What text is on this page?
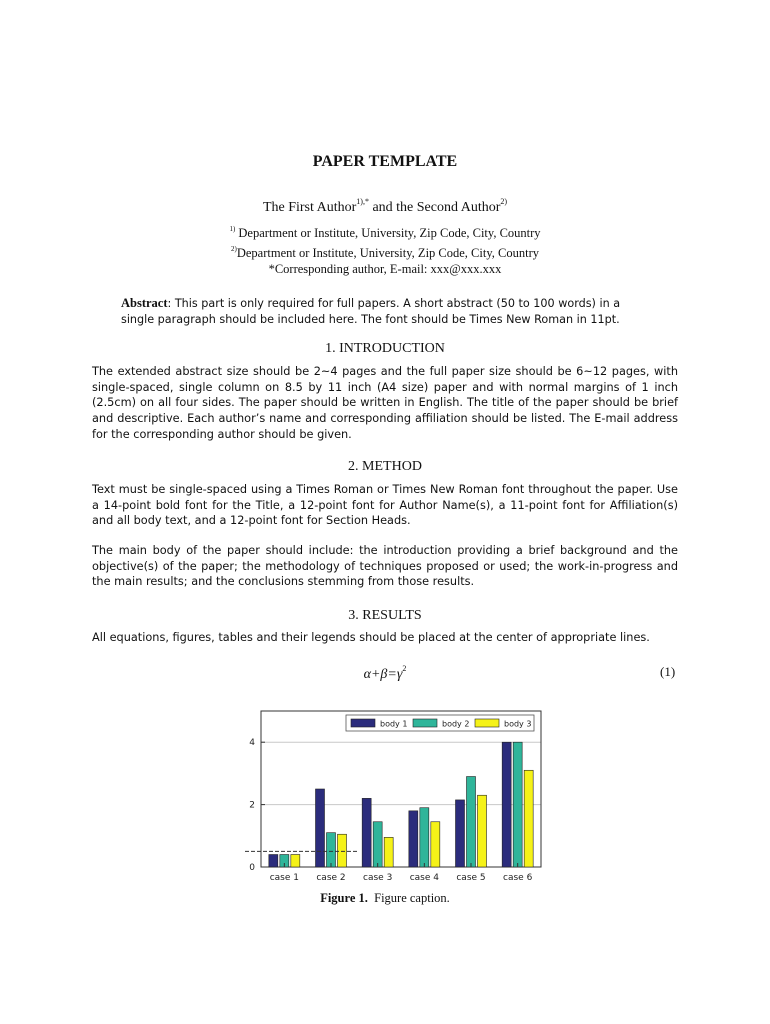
PAPER TEMPLATE
The First Author$^{1),*}$ and the Second Author$^{2)}$
$^{1)}$ Department or Institute, University, Zip Code, City, Country
$^{2)}$Department or Institute, University, Zip Code, City, Country
*Corresponding author, E-mail: xxx@xxx.xxx
Abstract: This part is only required for full papers. A short abstract (50 to 100 words) in a single paragraph should be included here. The font should be Times New Roman in 11pt.
1. INTRODUCTION
The extended abstract size should be 2~4 pages and the full paper size should be 6~12 pages, with single-spaced, single column on 8.5 by 11 inch (A4 size) paper and with normal margins of 1 inch (2.5cm) on all four sides. The paper should be written in English. The title of the paper should be brief and descriptive. Each author’s name and corresponding affiliation should be listed. The E-mail address for the corresponding author should be given.
2. METHOD
Text must be single-spaced using a Times Roman or Times New Roman font throughout the paper. Use a 14-point bold font for the Title, a 12-point font for Author Name(s), a 11-point font for Affiliation(s) and all body text, and a 12-point font for Section Heads.
The main body of the paper should include: the introduction providing a brief background and the objective(s) of the paper; the methodology of techniques proposed or used; the work-in-progress and the main results; and the conclusions stemming from those results.
3. RESULTS
All equations, figures, tables and their legends should be placed at the center of appropriate lines.
$\alpha+\beta=\gamma^2$	(1)
0
2
4
case 1 case 2 case 3 case 4 case 5 case 6
body 1	body 2	body 3
Figure 1.  Figure caption.
